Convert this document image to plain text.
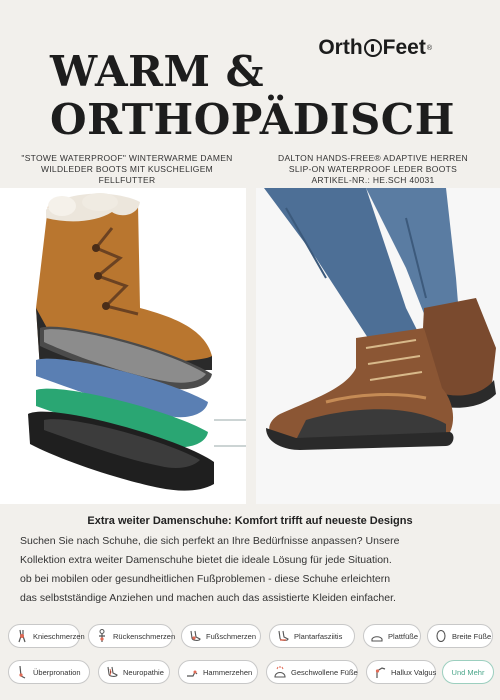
Orth Feet ®
WARM &
ORTHOPÄDISCH
"STOWE WATERPROOF" WINTERWARME DAMEN
WILDLEDER BOOTS MIT KUSCHELIGEM FELLFUTTER
DALTON HANDS-FREE® ADAPTIVE HERREN
SLIP-ON WATERPROOF LEDER BOOTS
ARTIKEL-NR.: HE.SCH 40031
Extra weiter Damenschuhe: Komfort trifft auf neueste Designs
Suchen Sie nach Schuhe, die sich perfekt an Ihre Bedürfnisse anpassen? Unsere
Kollektion extra weiter Damenschuhe bietet die ideale Lösung für jede Situation.
ob bei mobilen oder gesundheitlichen Fußproblemen - diese Schuhe erleichtern
das selbstständige Anziehen und machen auch das assistierte Kleiden einfacher.
Knieschmerzen	Rückenschmerzen	Fußschmerzen	Plantarfasziitis	Plattfüße	Breite Füße
Überpronation	Neuropathie	Hammerzehen	Geschwollene Füße	Hallux Valgus Und Mehr
